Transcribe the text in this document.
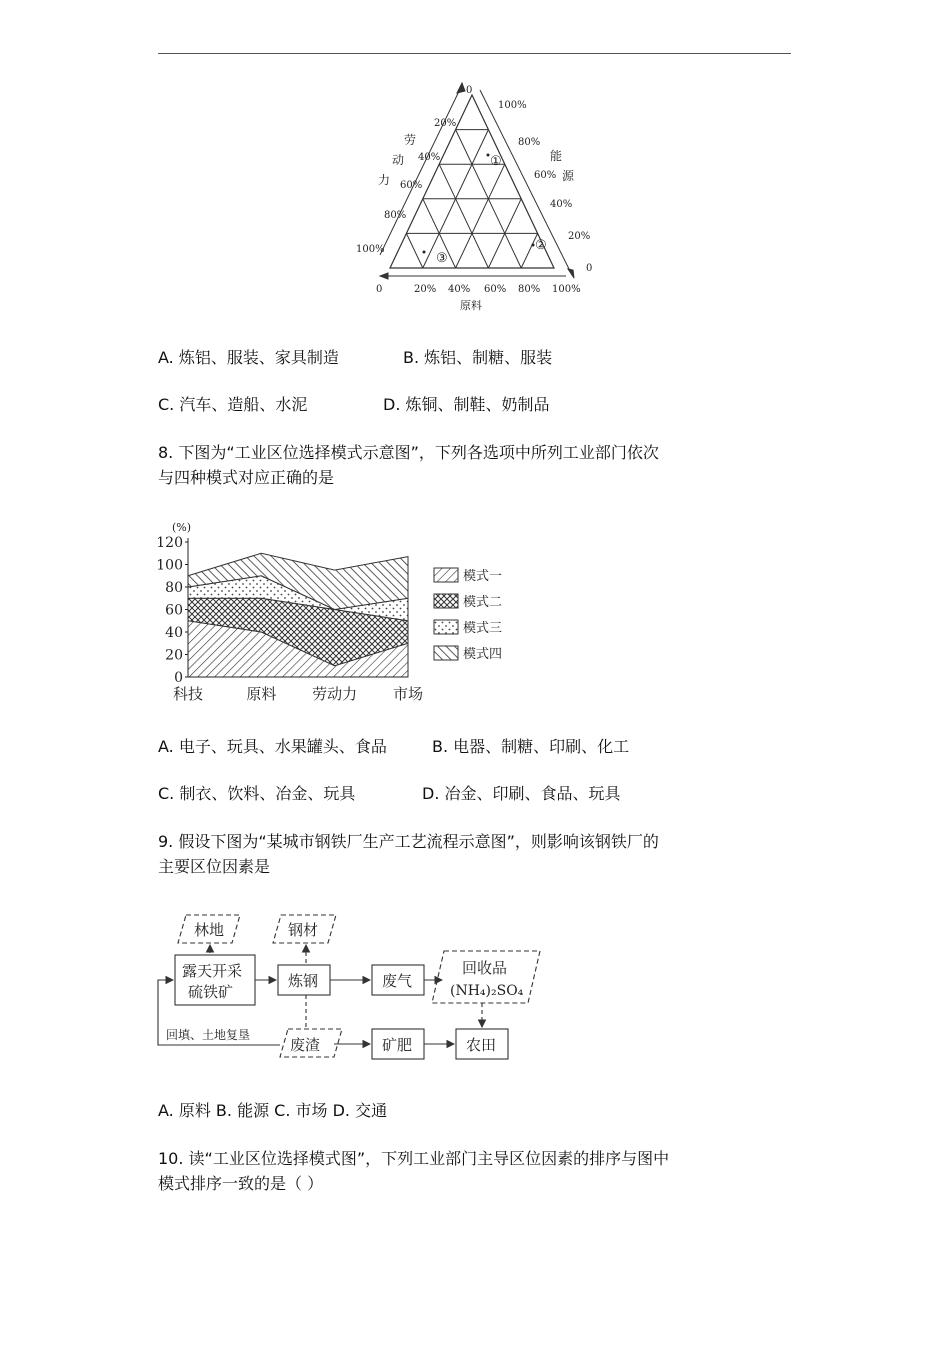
0
20%
40%
60%
80%
100%
劳
动
力
100%
80%
60%
40%
20%
0
能
源
0	20% 40% 60% 80% 100%
原料
①
②
③
A. 炼铝、服装、家具制造	B. 炼铝、制糖、服装
C. 汽车、造船、水泥	D. 炼铜、制鞋、奶制品
8. 下图为“工业区位选择模式示意图”，下列各选项中所列工业部门依次
与四种模式对应正确的是
(%)
0
20
40
60
80
100
120
科技	原料 劳动力 市场
模式一
模式二
模式三
模式四
A. 电子、玩具、水果罐头、食品	B. 电器、制糖、印刷、化工
C. 制衣、饮料、冶金、玩具	D. 冶金、印刷、食品、玩具
9. 假设下图为“某城市钢铁厂生产工艺流程示意图”，则影响该钢铁厂的
主要区位因素是
林地	钢材
露天开采
硫铁矿
炼钢	废气
回收品
(NH₄)₂SO₄
废渣	矿肥	农田
回填、土地复垦
A. 原料 B. 能源 C. 市场 D. 交通
10. 读“工业区位选择模式图”，下列工业部门主导区位因素的排序与图中
模式排序一致的是（ ）
